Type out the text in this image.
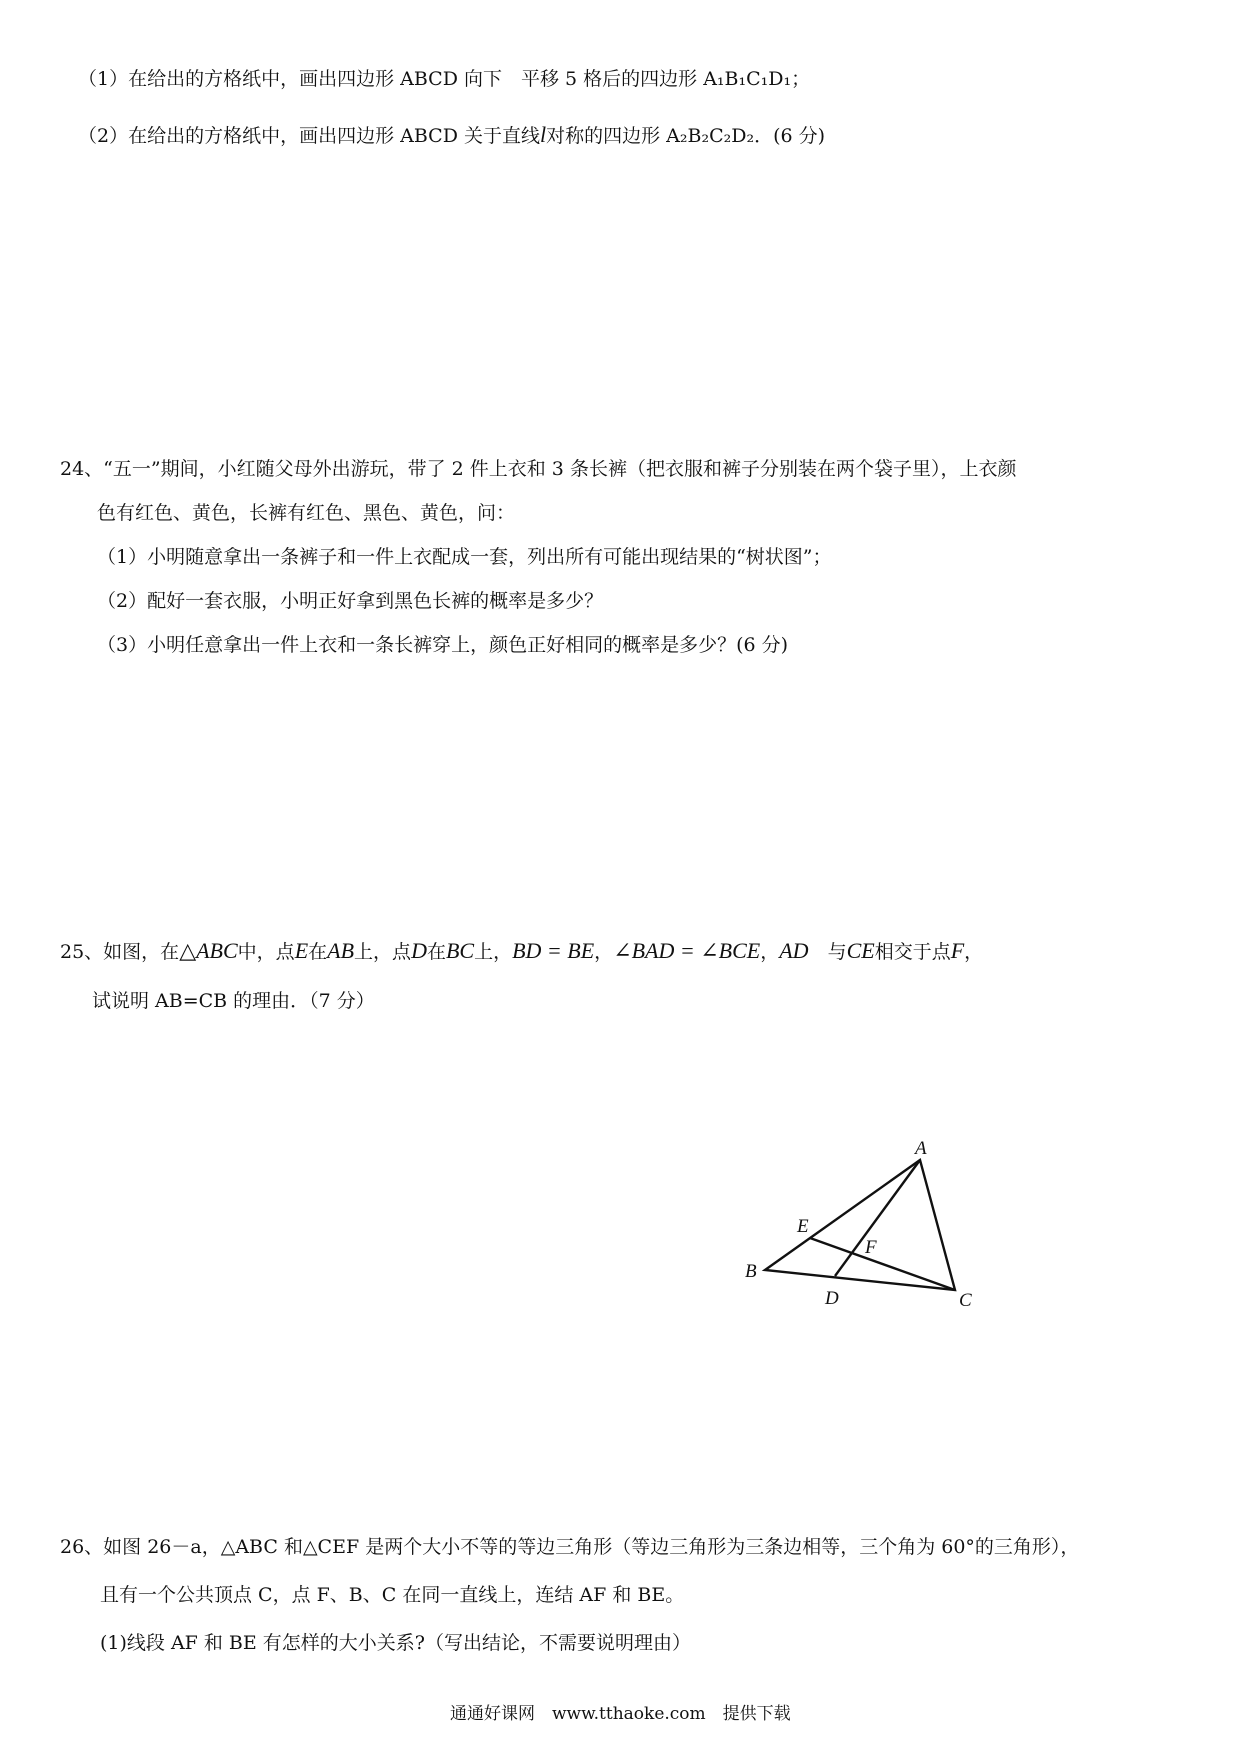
（1）在给出的方格纸中，画出四边形 ABCD 向下　平移 5 格后的四边形 A₁B₁C₁D₁；
（2）在给出的方格纸中，画出四边形 ABCD 关于直线l对称的四边形 A₂B₂C₂D₂．(6 分)
24、“五一”期间，小红随父母外出游玩，带了 2 件上衣和 3 条长裤（把衣服和裤子分别装在两个袋子里），上衣颜
色有红色、黄色，长裤有红色、黑色、黄色，问：
（1）小明随意拿出一条裤子和一件上衣配成一套，列出所有可能出现结果的“树状图”；
（2）配好一套衣服，小明正好拿到黑色长裤的概率是多少？
（3）小明任意拿出一件上衣和一条长裤穿上，颜色正好相同的概率是多少？(6 分)
25、如图，在△ABC中，点E在AB上，点D在BC上，BD = BE，∠BAD = ∠BCE，AD　与CE相交于点F，
试说明 AB=CB 的理由．（7 分）
A
B
C
D
E
F
26、如图 26－a，△ABC 和△CEF 是两个大小不等的等边三角形（等边三角形为三条边相等，三个角为 60°的三角形），
且有一个公共顶点 C，点 F、B、C 在同一直线上，连结 AF 和 BE。
(1)线段 AF 和 BE 有怎样的大小关系?（写出结论，不需要说明理由）
通通好课网　www.tthaoke.com　提供下载
